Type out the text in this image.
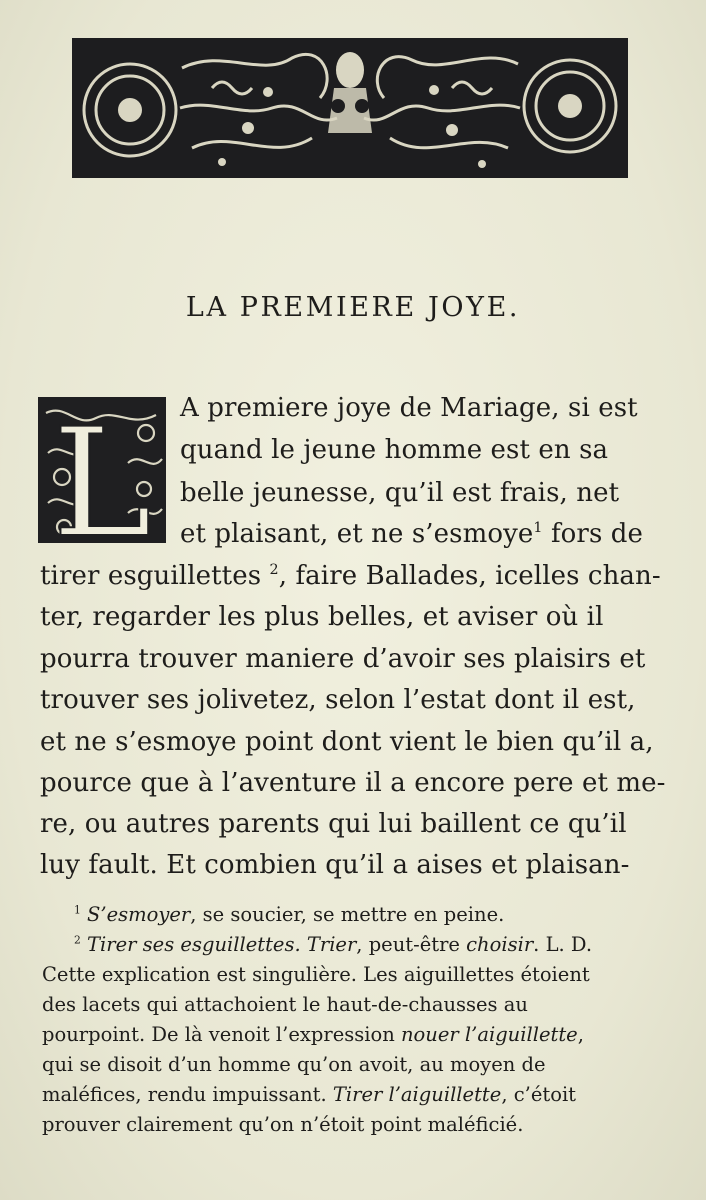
LA PREMIERE JOYE.
L A premiere joye de Mariage, si est
quand le jeune homme est en sa
belle jeunesse, qu’il est frais, net
et plaisant, et ne s’esmoye$^1$ fors de
tirer esguillettes $^2$, faire Ballades, icelles chan-
ter, regarder les plus belles, et aviser où il
pourra trouver maniere d’avoir ses plaisirs et
trouver ses jolivetez, selon l’estat dont il est,
et ne s’esmoye point dont vient le bien qu’il a,
pource que à l’aventure il a encore pere et me-
re, ou autres parents qui lui baillent ce qu’il
luy fault. Et combien qu’il a aises et plaisan-
$^1$ S’esmoyer, se soucier, se mettre en peine.
$^2$ Tirer ses esguillettes. Trier, peut-être choisir. L. D.
Cette explication est singulière. Les aiguillettes étoient
des lacets qui attachoient le haut-de-chausses au
pourpoint. De là venoit l’expression nouer l’aiguillette,
qui se disoit d’un homme qu’on avoit, au moyen de
maléfices, rendu impuissant. Tirer l’aiguillette, c’étoit
prouver clairement qu’on n’étoit point maléficié.
